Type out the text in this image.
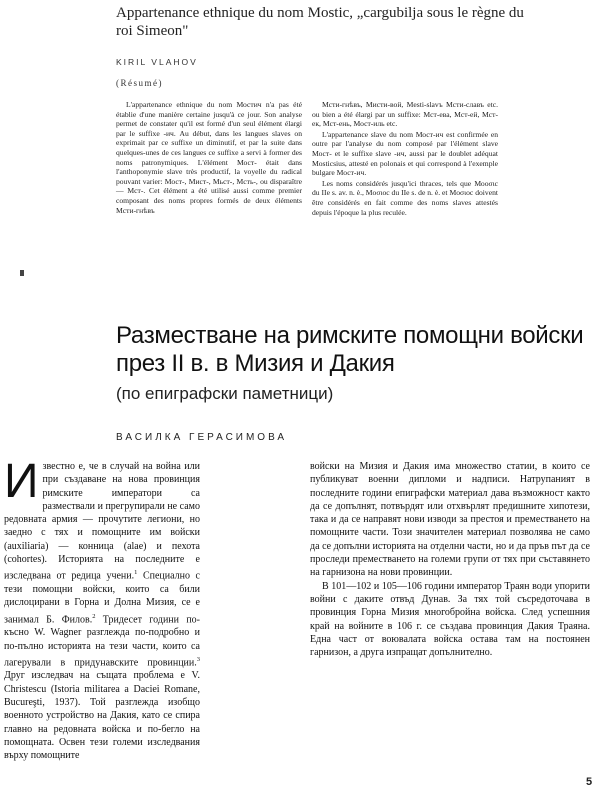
Appartenance ethnique du nom Mostic, „cargubilja sous le règne du roi Simeon"
KIRIL VLAHOV
(Résumé)

L'appartenance ethnique du nom Мостич n'a pas été établie d'une manière certaine jusqu'à ce jour. Son analyse permet de constater qu'il est formé d'un seul élément élargi par le suffixe -ич. Au début, dans les langues slaves on exprimait par ce suffixe un diminutif, et par la suite dans quelques-unes de ces langues ce suffixe a servi à former des noms patronymiques. L'élément Мост- était dans l'anthoponymie slave très productif, la voyelle du radical pouvant varier: Мост-, Мист-, Мьст-, Мсть-, ou disparaître — Мст-. Cet élément a été utilisé aussi comme premier composant des noms propres formés de deux éléments Мсти-гнѣвъ

Мсти-гнѣвъ, Мисти-вой, Mesti-slavъ Мсти-славъ etc. ou bien a été élargi par un suffixe: Мст-ева, Мст-ей, Мст-ек, Мст-ень, Мост-иль etc.

L'appartenance slave du nom Мост-ич est confirmée en outre par l'analyse du nom composé par l'élément slave Мост- et le suffixe slave -ич, aussi par le doublet adéquat Mosticsius, attesté en polonais et qui correspond à l'exemple bulgare Мост-ич.

Les noms considérés jusqu'ici thraces, tels que Мооσιc du IIe s. av. n. è., Мοσιοc du IIe s. de n. è. et Мοσιοc doivent être considérés en fait comme des noms slaves attestés depuis l'époque la plus reculée.

Разместване на римските помощни войски през II в. в Мизия и Дакия
(по епиграфски паметници)
ВАСИЛКА ГЕРАСИМОВА

Известно е, че в случай на война или при създаване на нова провинция римските императори са размествали и прегрупирали не само редовната армия — прочутите легиони, но заедно с тях и помощните им войски (auxiliaria) — конница (alae) и пехота (cohortes). Историята на последните е изследвана от редица учени.$^1$ Специално с тези помощни войски, които са били дислоцирани в Горна и Долна Мизия, се е занимал Б. Филов.$^2$ Тридесет години по-късно W. Wagner разглежда по-подробно и по-пълно историята на тези части, които са лагерували в придунавските провинции.$^3$ Друг изследвач на същата проблема е V. Christescu (Istoria militarea a Daciei Romane, Bucureşti, 1937). Той разглежда изобщо военното устройство на Дакия, като се спира главно на редовната войска и по-бегло на помощната. Освен тези големи изследвания върху помощните

войски на Мизия и Дакия има множество статии, в които се публикуват военни дипломи и надписи. Натрупаният в последните години епиграфски материал дава възможност както да се допълнят, потвърдят или отхвърлят предишните хипотези, така и да се направят нови изводи за престоя и преместването на помощните части. Този значителен материал позволява не само да се допълни историята на отделни части, но и да пръв път да се проследи преместването на големи групи от тях при съставянето на гарнизона на нови провинции.

В 101—102 и 105—106 години император Траян води упорити войни с даките отвъд Дунав. За тях той съсредоточава в провинция Горна Мизия многобройна войска. След успешния край на войните в 106 г. се създава провинция Дакия Траяна. Една част от воювалата войска остава там на постоянен гарнизон, а друга изпращат допълнително.

5
